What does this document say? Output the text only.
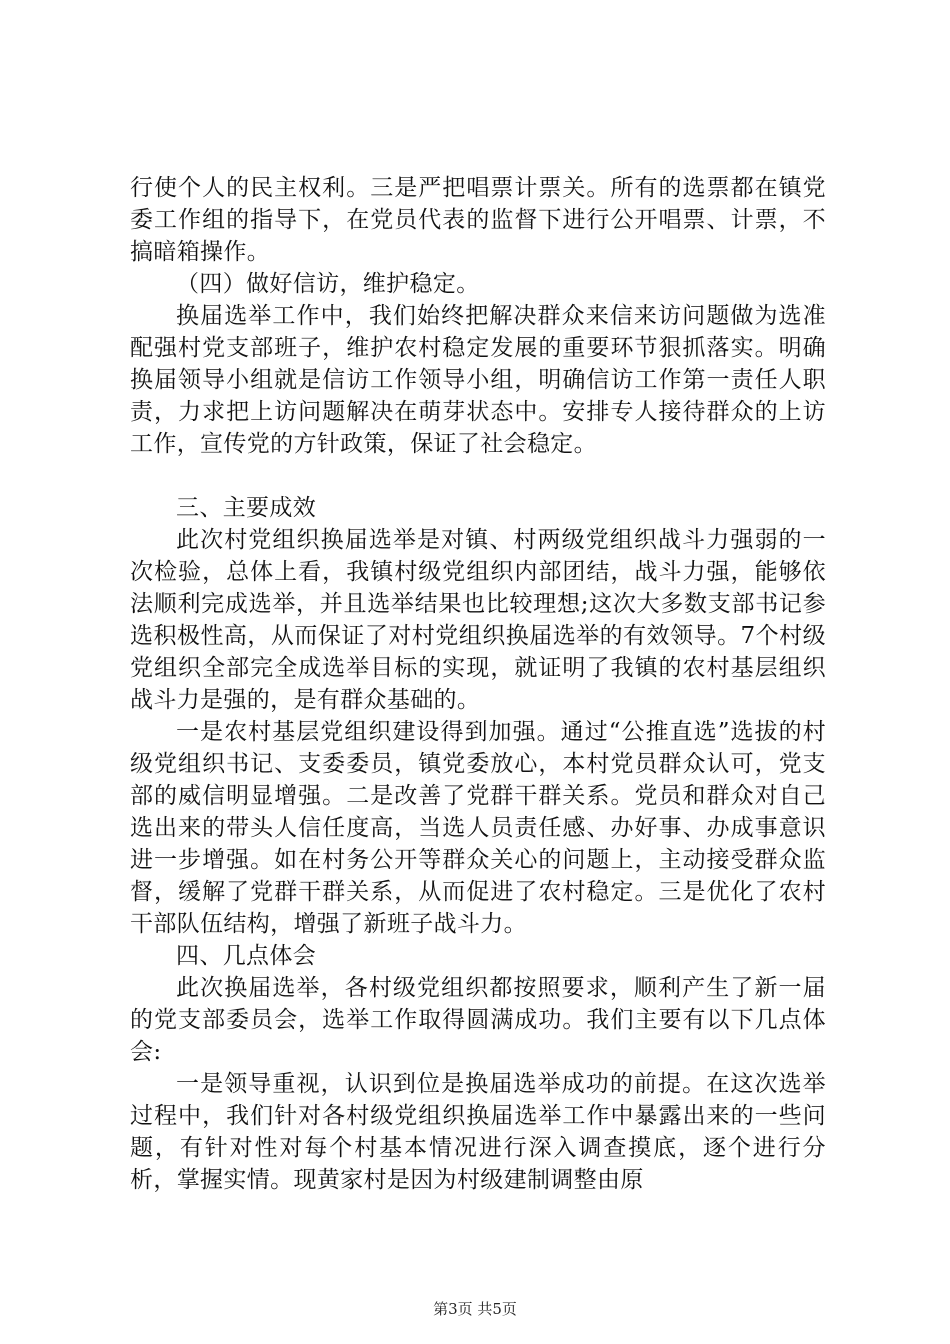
行使个人的民主权利。三是严把唱票计票关。所有的选票都在镇党委工作组的指导下，在党员代表的监督下进行公开唱票、计票，不搞暗箱操作。

（四）做好信访，维护稳定。

换届选举工作中，我们始终把解决群众来信来访问题做为选准配强村党支部班子，维护农村稳定发展的重要环节狠抓落实。明确换届领导小组就是信访工作领导小组，明确信访工作第一责任人职责，力求把上访问题解决在萌芽状态中。安排专人接待群众的上访工作，宣传党的方针政策，保证了社会稳定。

三、主要成效

此次村党组织换届选举是对镇、村两级党组织战斗力强弱的一次检验，总体上看，我镇村级党组织内部团结，战斗力强，能够依法顺利完成选举，并且选举结果也比较理想;这次大多数支部书记参选积极性高，从而保证了对村党组织换届选举的有效领导。7个村级党组织全部完全成选举目标的实现，就证明了我镇的农村基层组织战斗力是强的，是有群众基础的。

一是农村基层党组织建设得到加强。通过“公推直选”选拔的村级党组织书记、支委委员，镇党委放心，本村党员群众认可，党支部的威信明显增强。二是改善了党群干群关系。党员和群众对自己选出来的带头人信任度高，当选人员责任感、办好事、办成事意识进一步增强。如在村务公开等群众关心的问题上，主动接受群众监督，缓解了党群干群关系，从而促进了农村稳定。三是优化了农村干部队伍结构，增强了新班子战斗力。

四、几点体会

此次换届选举，各村级党组织都按照要求，顺利产生了新一届的党支部委员会，选举工作取得圆满成功。我们主要有以下几点体会:

一是领导重视，认识到位是换届选举成功的前提。在这次选举过程中，我们针对各村级党组织换届选举工作中暴露出来的一些问题，有针对性对每个村基本情况进行深入调查摸底，逐个进行分析，掌握实情。现黄家村是因为村级建制调整由原

第3页 共5页
